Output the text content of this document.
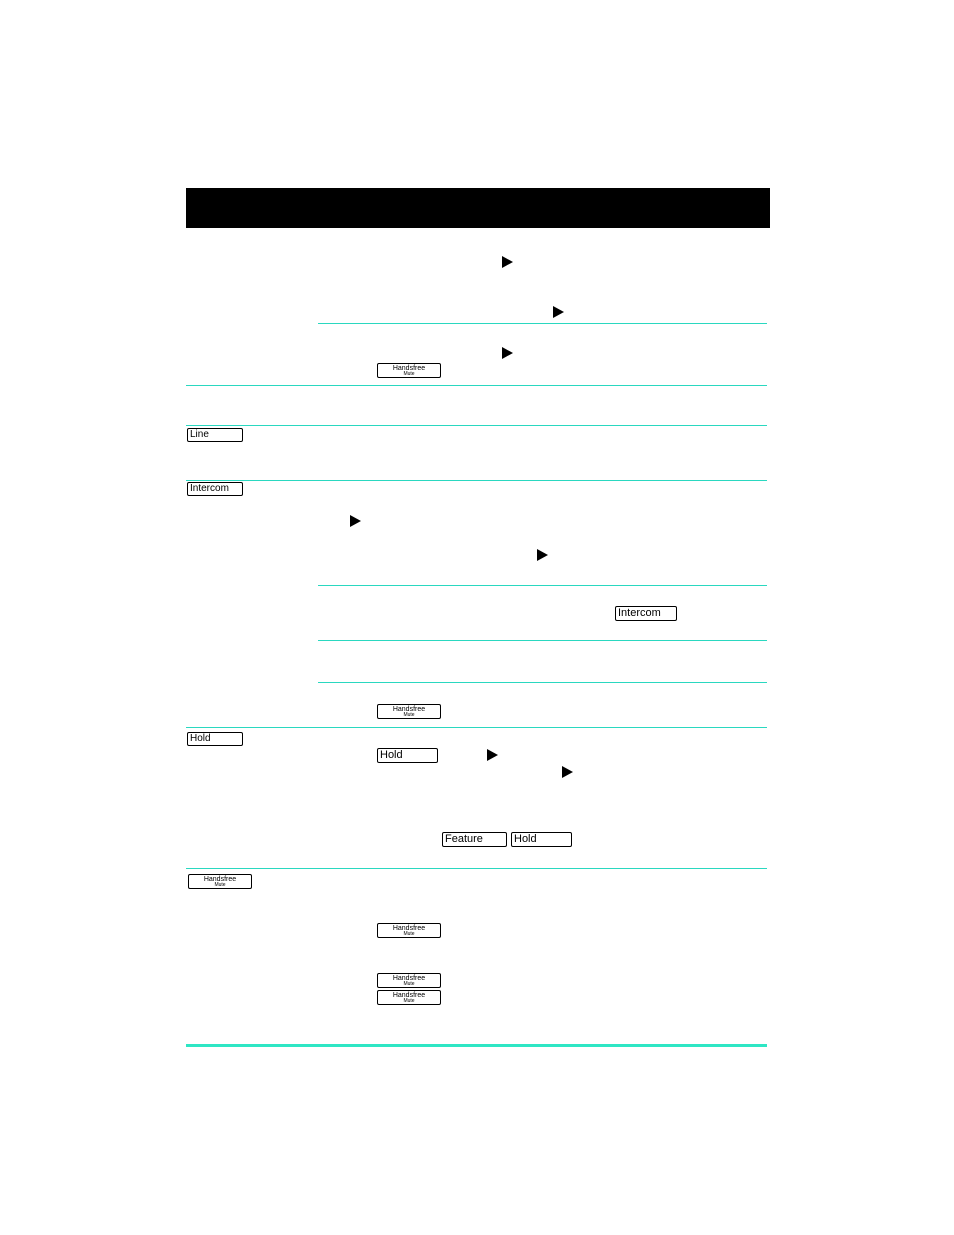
Line
Intercom
Hold
Handsfree
Mute
Handsfree
Mute
Intercom
Handsfree
Mute
Hold
Feature	Hold
Handsfree
Mute
Handsfree
Mute
Handsfree
Mute
